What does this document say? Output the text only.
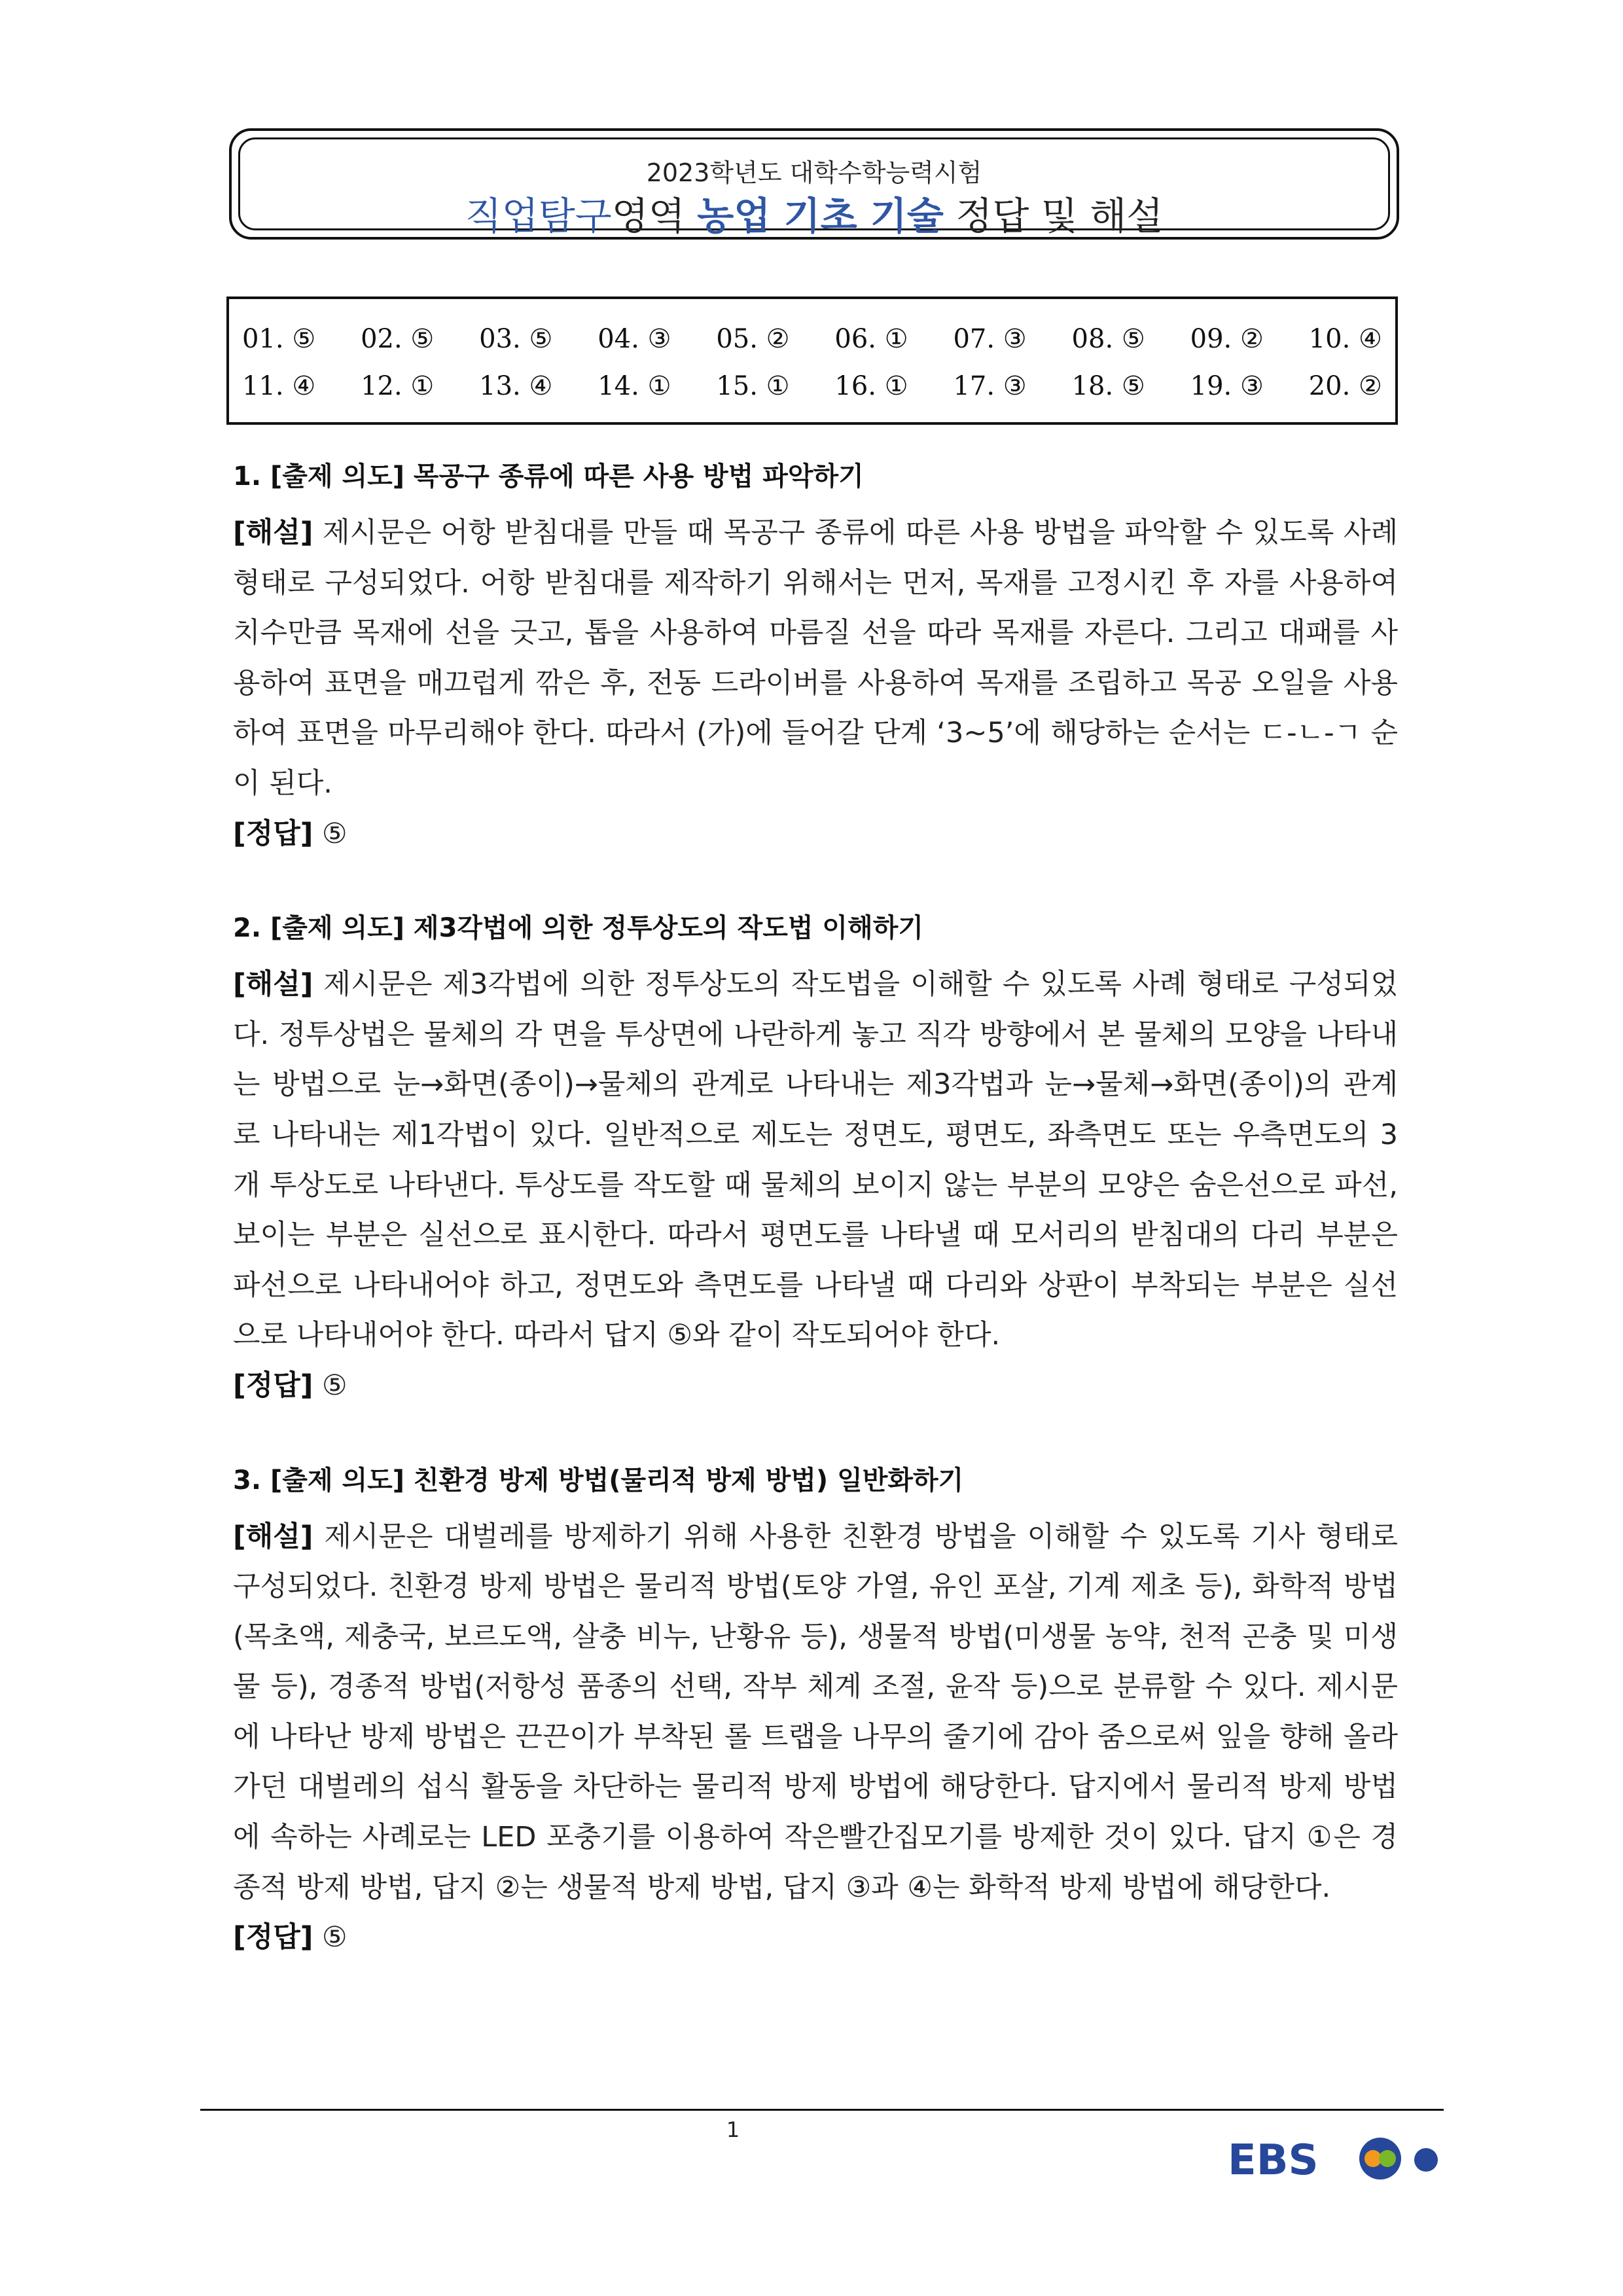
2023학년도 대학수학능력시험
직업탐구영역 농업 기초 기술 정답 및 해설
01. ⑤ 02. ⑤ 03. ⑤ 04. ③ 05. ② 06. ① 07. ③ 08. ⑤ 09. ② 10. ④
11. ④ 12. ① 13. ④ 14. ① 15. ① 16. ① 17. ③ 18. ⑤ 19. ③ 20. ②
1. [출제 의도] 목공구 종류에 따른 사용 방법 파악하기
[해설] 제시문은 어항 받침대를 만들 때 목공구 종류에 따른 사용 방법을 파악할 수 있도록 사례 형태로 구성되었다. 어항 받침대를 제작하기 위해서는 먼저, 목재를 고정시킨 후 자를 사용하여 치수만큼 목재에 선을 긋고, 톱을 사용하여 마름질 선을 따라 목재를 자른다. 그리고 대패를 사용하여 표면을 매끄럽게 깎은 후, 전동 드라이버를 사용하여 목재를 조립하고 목공 오일을 사용하여 표면을 마무리해야 한다. 따라서 (가)에 들어갈 단계 ‘3~5’에 해당하는 순서는 ㄷ-ㄴ-ㄱ 순이 된다.
[정답] ⑤
2. [출제 의도] 제3각법에 의한 정투상도의 작도법 이해하기
[해설] 제시문은 제3각법에 의한 정투상도의 작도법을 이해할 수 있도록 사례 형태로 구성되었다. 정투상법은 물체의 각 면을 투상면에 나란하게 놓고 직각 방향에서 본 물체의 모양을 나타내는 방법으로 눈→화면(종이)→물체의 관계로 나타내는 제3각법과 눈→물체→화면(종이)의 관계로 나타내는 제1각법이 있다. 일반적으로 제도는 정면도, 평면도, 좌측면도 또는 우측면도의 3개 투상도로 나타낸다. 투상도를 작도할 때 물체의 보이지 않는 부분의 모양은 숨은선으로 파선, 보이는 부분은 실선으로 표시한다. 따라서 평면도를 나타낼 때 모서리의 받침대의 다리 부분은 파선으로 나타내어야 하고, 정면도와 측면도를 나타낼 때 다리와 상판이 부착되는 부분은 실선으로 나타내어야 한다. 따라서 답지 ⑤와 같이 작도되어야 한다.
[정답] ⑤
3. [출제 의도] 친환경 방제 방법(물리적 방제 방법) 일반화하기
[해설] 제시문은 대벌레를 방제하기 위해 사용한 친환경 방법을 이해할 수 있도록 기사 형태로 구성되었다. 친환경 방제 방법은 물리적 방법(토양 가열, 유인 포살, 기계 제초 등), 화학적 방법(목초액, 제충국, 보르도액, 살충 비누, 난황유 등), 생물적 방법(미생물 농약, 천적 곤충 및 미생물 등), 경종적 방법(저항성 품종의 선택, 작부 체계 조절, 윤작 등)으로 분류할 수 있다. 제시문에 나타난 방제 방법은 끈끈이가 부착된 롤 트랩을 나무의 줄기에 감아 줌으로써 잎을 향해 올라가던 대벌레의 섭식 활동을 차단하는 물리적 방제 방법에 해당한다. 답지에서 물리적 방제 방법에 속하는 사례로는 LED 포충기를 이용하여 작은빨간집모기를 방제한 것이 있다. 답지 ①은 경종적 방제 방법, 답지 ②는 생물적 방제 방법, 답지 ③과 ④는 화학적 방제 방법에 해당한다.
[정답] ⑤
1
EBS
